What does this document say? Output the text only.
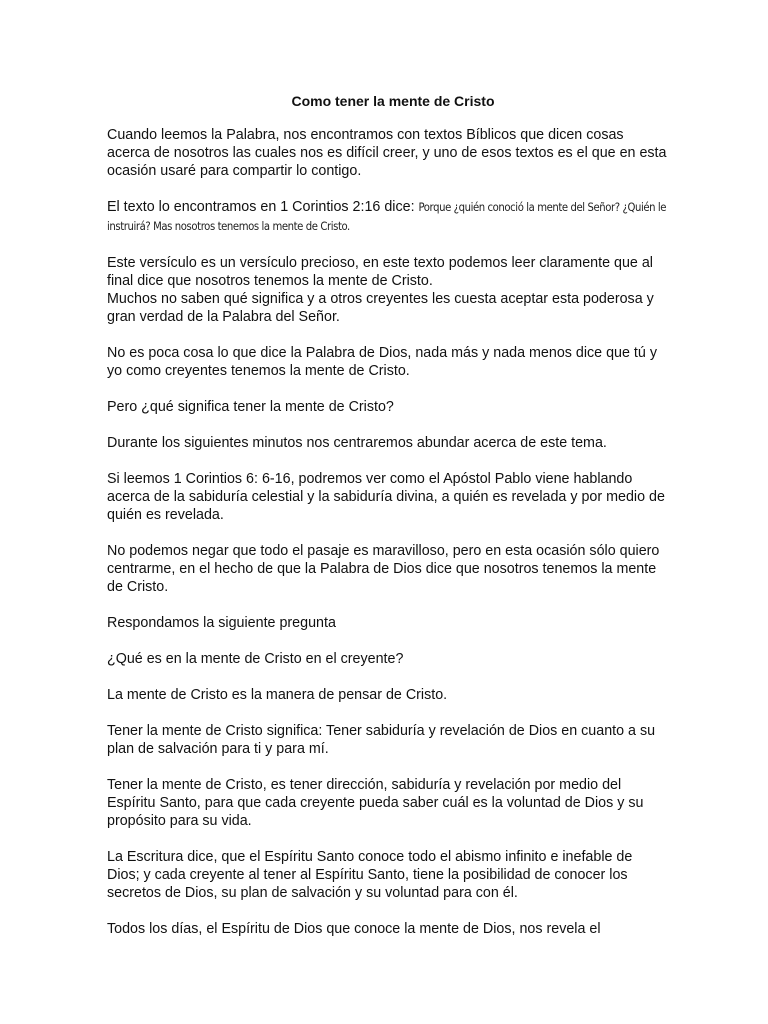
Como tener la mente de Cristo

Cuando leemos la Palabra, nos encontramos con textos Bíblicos que dicen cosas acerca de nosotros las cuales nos es difícil creer, y uno de esos textos es el que en esta ocasión usaré para compartir lo contigo.

El texto lo encontramos en 1 Corintios 2:16 dice: Porque ¿quién conoció la mente del Señor? ¿Quién le instruirá? Mas nosotros tenemos la mente de Cristo.

Este versículo es un versículo precioso, en este texto podemos leer claramente que al final dice que nosotros tenemos la mente de Cristo.

Muchos no saben qué significa y a otros creyentes les cuesta aceptar esta poderosa y gran verdad de la Palabra del Señor.

No es poca cosa lo que dice la Palabra de Dios, nada más y nada menos dice que tú y yo como creyentes tenemos la mente de Cristo.

Pero ¿qué significa tener la mente de Cristo?

Durante los siguientes minutos nos centraremos abundar acerca de este tema.

Si leemos 1 Corintios 6: 6-16, podremos ver como el Apóstol Pablo viene hablando acerca de la sabiduría celestial y la sabiduría divina, a quién es revelada y por medio de quién es revelada.

No podemos negar que todo el pasaje es maravilloso, pero en esta ocasión sólo quiero centrarme, en el hecho de que la Palabra de Dios dice que nosotros tenemos la mente de Cristo.

Respondamos la siguiente pregunta

¿Qué es en la mente de Cristo en el creyente?

La mente de Cristo es la manera de pensar de Cristo.

Tener la mente de Cristo significa: Tener sabiduría y revelación de Dios en cuanto a su plan de salvación para ti y para mí.

Tener la mente de Cristo, es tener dirección, sabiduría y revelación por medio del Espíritu Santo, para que cada creyente pueda saber cuál es la voluntad de Dios y su propósito para su vida.

La Escritura dice, que el Espíritu Santo conoce todo el abismo infinito e inefable de Dios; y cada creyente al tener al Espíritu Santo, tiene la posibilidad de conocer los secretos de Dios, su plan de salvación y su voluntad para con él.

Todos los días, el Espíritu de Dios que conoce la mente de Dios, nos revela el
